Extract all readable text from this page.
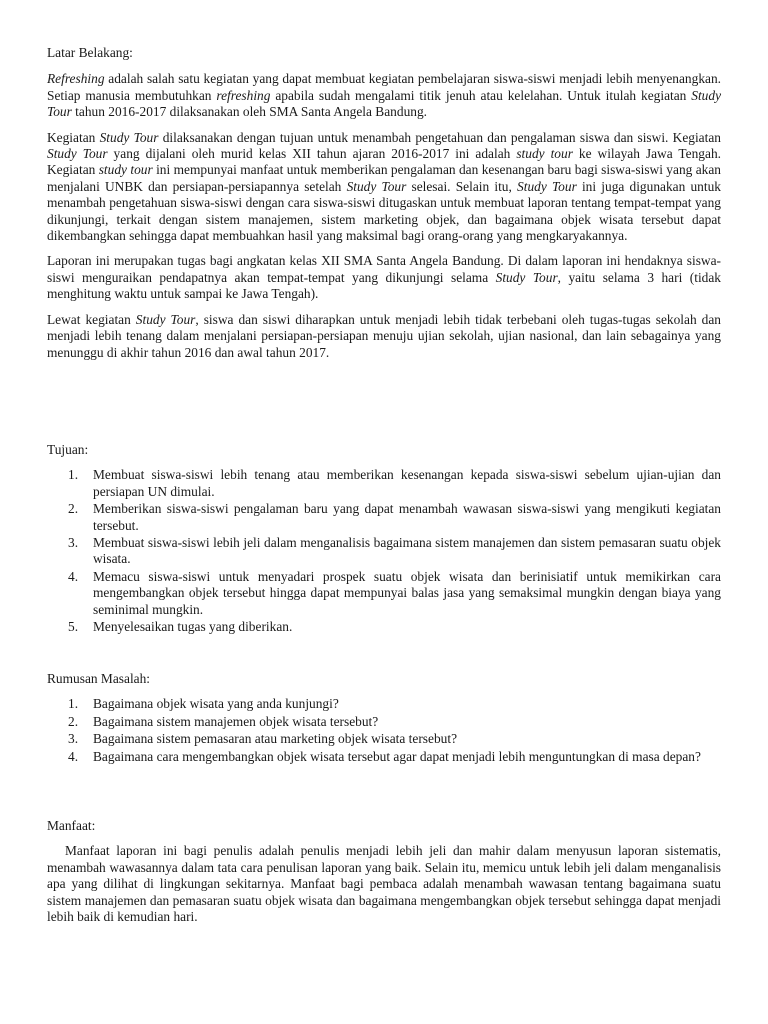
Latar Belakang:

Refreshing adalah salah satu kegiatan yang dapat membuat kegiatan pembelajaran siswa-siswi menjadi lebih menyenangkan. Setiap manusia membutuhkan refreshing apabila sudah mengalami titik jenuh atau kelelahan. Untuk itulah kegiatan Study Tour tahun 2016-2017 dilaksanakan oleh SMA Santa Angela Bandung.

Kegiatan Study Tour dilaksanakan dengan tujuan untuk menambah pengetahuan dan pengalaman siswa dan siswi. Kegiatan Study Tour yang dijalani oleh murid kelas XII tahun ajaran 2016-2017 ini adalah study tour ke wilayah Jawa Tengah. Kegiatan study tour ini mempunyai manfaat untuk memberikan pengalaman dan kesenangan baru bagi siswa-siswi yang akan menjalani UNBK dan persiapan-persiapannya setelah Study Tour selesai. Selain itu, Study Tour ini juga digunakan untuk menambah pengetahuan siswa-siswi dengan cara siswa-siswi ditugaskan untuk membuat laporan tentang tempat-tempat yang dikunjungi, terkait dengan sistem manajemen, sistem marketing objek, dan bagaimana objek wisata tersebut dapat dikembangkan sehingga dapat membuahkan hasil yang maksimal bagi orang-orang yang mengkaryakannya.

Laporan ini merupakan tugas bagi angkatan kelas XII SMA Santa Angela Bandung. Di dalam laporan ini hendaknya siswa-siswi menguraikan pendapatnya akan tempat-tempat yang dikunjungi selama Study Tour, yaitu selama 3 hari (tidak menghitung waktu untuk sampai ke Jawa Tengah).

Lewat kegiatan Study Tour, siswa dan siswi diharapkan untuk menjadi lebih tidak terbebani oleh tugas-tugas sekolah dan menjadi lebih tenang dalam menjalani persiapan-persiapan menuju ujian sekolah, ujian nasional, dan lain sebagainya yang menunggu di akhir tahun 2016 dan awal tahun 2017.

Tujuan:
1. Membuat siswa-siswi lebih tenang atau memberikan kesenangan kepada siswa-siswi sebelum ujian-ujian dan persiapan UN dimulai.
2. Memberikan siswa-siswi pengalaman baru yang dapat menambah wawasan siswa-siswi yang mengikuti kegiatan tersebut.
3. Membuat siswa-siswi lebih jeli dalam menganalisis bagaimana sistem manajemen dan sistem pemasaran suatu objek wisata.
4. Memacu siswa-siswi untuk menyadari prospek suatu objek wisata dan berinisiatif untuk memikirkan cara mengembangkan objek tersebut hingga dapat mempunyai balas jasa yang semaksimal mungkin dengan biaya yang seminimal mungkin.
5. Menyelesaikan tugas yang diberikan.
Rumusan Masalah:
1. Bagaimana objek wisata yang anda kunjungi?
2. Bagaimana sistem manajemen objek wisata tersebut?
3. Bagaimana sistem pemasaran atau marketing objek wisata tersebut?
4. Bagaimana cara mengembangkan objek wisata tersebut agar dapat menjadi lebih menguntungkan di masa depan?
Manfaat:

Manfaat laporan ini bagi penulis adalah penulis menjadi lebih jeli dan mahir dalam menyusun laporan sistematis, menambah wawasannya dalam tata cara penulisan laporan yang baik. Selain itu, memicu untuk lebih jeli dalam menganalisis apa yang dilihat di lingkungan sekitarnya. Manfaat bagi pembaca adalah menambah wawasan tentang bagaimana suatu sistem manajemen dan pemasaran suatu objek wisata dan bagaimana mengembangkan objek tersebut sehingga dapat menjadi lebih baik di kemudian hari.
